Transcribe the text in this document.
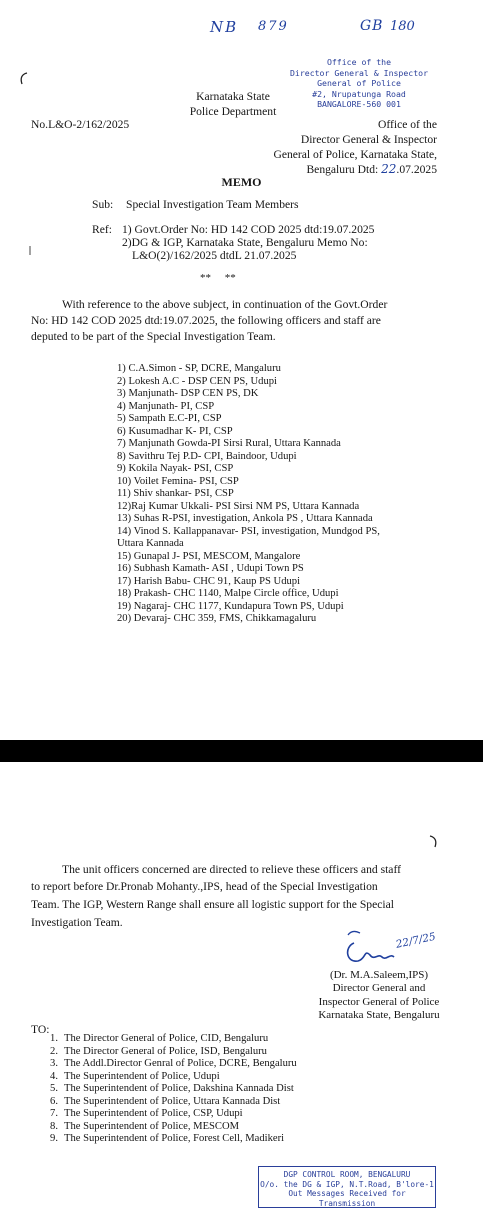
NB 879	GB 180
Office of the
Director General & Inspector
General of Police
#2, Nrupatunga Road
BANGALORE-560 001
Karnataka State
Police Department
No.L&O-2/162/2025	Office of the
Director General & Inspector
General of Police, Karnataka State,
Bengaluru Dtd: 22.07.2025
MEMO
Sub: Special Investigation Team Members
Ref: 1) Govt.Order No: HD 142 COD 2025 dtd:19.07.2025
2)DG & IGP, Karnataka State, Bengaluru Memo No:
L&O(2)/162/2025 dtdL 21.07.2025
**     **
With reference to the above subject, in continuation of the Govt.Order
No: HD 142 COD 2025 dtd:19.07.2025, the following officers and staff are
deputed to be part of the Special Investigation Team.
1) C.A.Simon - SP, DCRE, Mangaluru
2) Lokesh A.C - DSP CEN PS, Udupi
3) Manjunath- DSP CEN PS, DK
4) Manjunath- PI, CSP
5) Sampath E.C-PI, CSP
6) Kusumadhar K- PI, CSP
7) Manjunath Gowda-PI Sirsi Rural, Uttara Kannada
8) Savithru Tej P.D- CPI, Baindoor, Udupi
9) Kokila Nayak- PSI, CSP
10) Voilet Femina- PSI, CSP
11) Shiv shankar- PSI, CSP
12)Raj Kumar Ukkali- PSI Sirsi NM PS, Uttara Kannada
13) Suhas R-PSI, investigation, Ankola PS , Uttara Kannada
14) Vinod S. Kallappanavar- PSI, investigation, Mundgod PS,
Uttara Kannada
15) Gunapal J- PSI, MESCOM, Mangalore
16) Subhash Kamath- ASI , Udupi Town PS
17) Harish Babu- CHC 91, Kaup PS Udupi
18) Prakash- CHC 1140, Malpe Circle office, Udupi
19) Nagaraj- CHC 1177, Kundapura Town PS, Udupi
20) Devaraj- CHC 359, FMS, Chikkamagaluru
The unit officers concerned are directed to relieve these officers and staff
to report before Dr.Pronab Mohanty.,IPS, head of the Special Investigation
Team. The IGP, Western Range shall ensure all logistic support for the Special
Investigation Team.
22/7/25
(Dr. M.A.Saleem,IPS)
Director General and
Inspector General of Police
Karnataka State, Bengaluru
TO:
1. The Director General of Police, CID, Bengaluru
2. The Director General of Police, ISD, Bengaluru
3. The Addl.Director Genral of Police, DCRE, Bengaluru
4. The Superintendent of Police, Udupi
5. The Superintendent of Police, Dakshina Kannada Dist
6. The Superintendent of Police, Uttara Kannada Dist
7. The Superintendent of Police, CSP, Udupi
8. The Superintendent of Police, MESCOM
9. The Superintendent of Police, Forest Cell, Madikeri
DGP CONTROL ROOM, BENGALURU
O/o. the DG & IGP, N.T.Road, B'lore-1
Out Messages Received for Transmission
